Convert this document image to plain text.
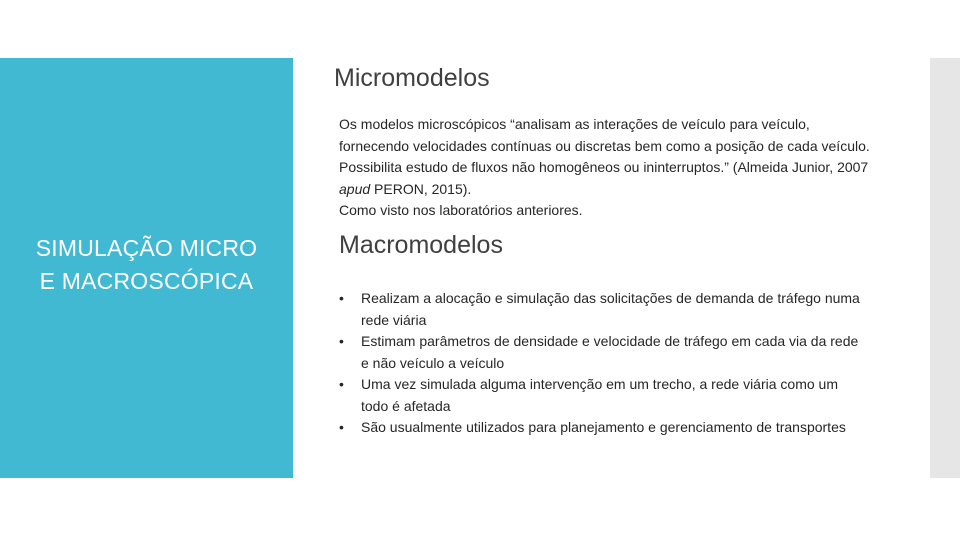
SIMULAÇÃO MICRO
E MACROSCÓPICA
Micromodelos

Os modelos microscópicos “analisam as interações de veículo para veículo, fornecendo velocidades contínuas ou discretas bem como a posição de cada veículo. Possibilita estudo de fluxos não homogêneos ou ininterruptos.” (Almeida Junior, 2007 apud PERON, 2015).

Como visto nos laboratórios anteriores.

Macromodelos
• Realizam a alocação e simulação das solicitações de demanda de tráfego numa rede viária
• Estimam parâmetros de densidade e velocidade de tráfego em cada via da rede e não veículo a veículo
• Uma vez simulada alguma intervenção em um trecho, a rede viária como um todo é afetada
• São usualmente utilizados para planejamento e gerenciamento de transportes
